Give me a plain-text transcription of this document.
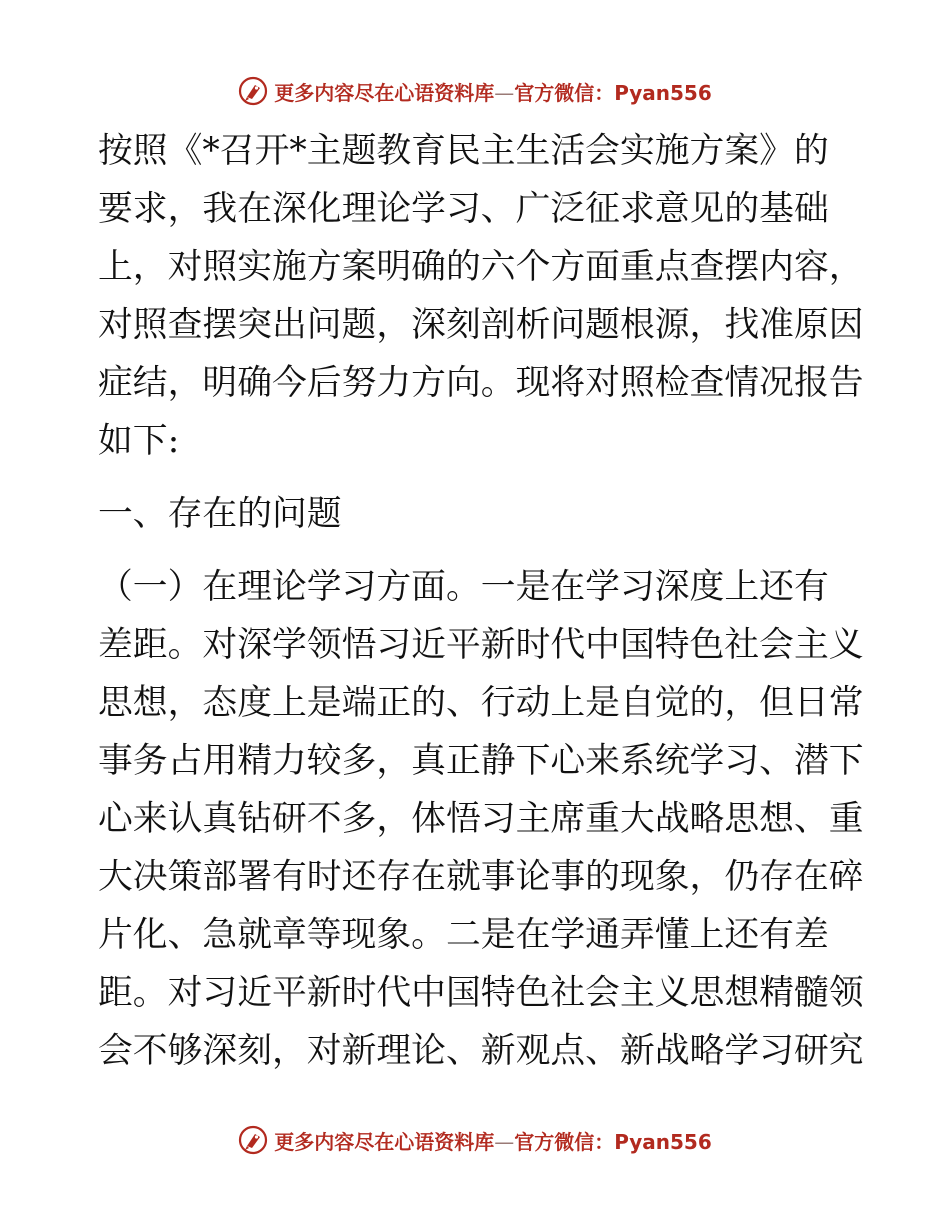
更多内容尽在心语资料库—官方微信：Pyan556
按照《*召开*主题教育民主生活会实施方案》的
要求，我在深化理论学习、广泛征求意见的基础
上，对照实施方案明确的六个方面重点查摆内容，
对照查摆突出问题，深刻剖析问题根源，找准原因
症结，明确今后努力方向。现将对照检查情况报告
如下:
一、存在的问题
（一）在理论学习方面。一是在学习深度上还有
差距。对深学领悟习近平新时代中国特色社会主义
思想，态度上是端正的、行动上是自觉的，但日常
事务占用精力较多，真正静下心来系统学习、潜下
心来认真钻研不多，体悟习主席重大战略思想、重
大决策部署有时还存在就事论事的现象，仍存在碎
片化、急就章等现象。二是在学通弄懂上还有差
距。对习近平新时代中国特色社会主义思想精髓领
会不够深刻，对新理论、新观点、新战略学习研究
更多内容尽在心语资料库—官方微信：Pyan556
